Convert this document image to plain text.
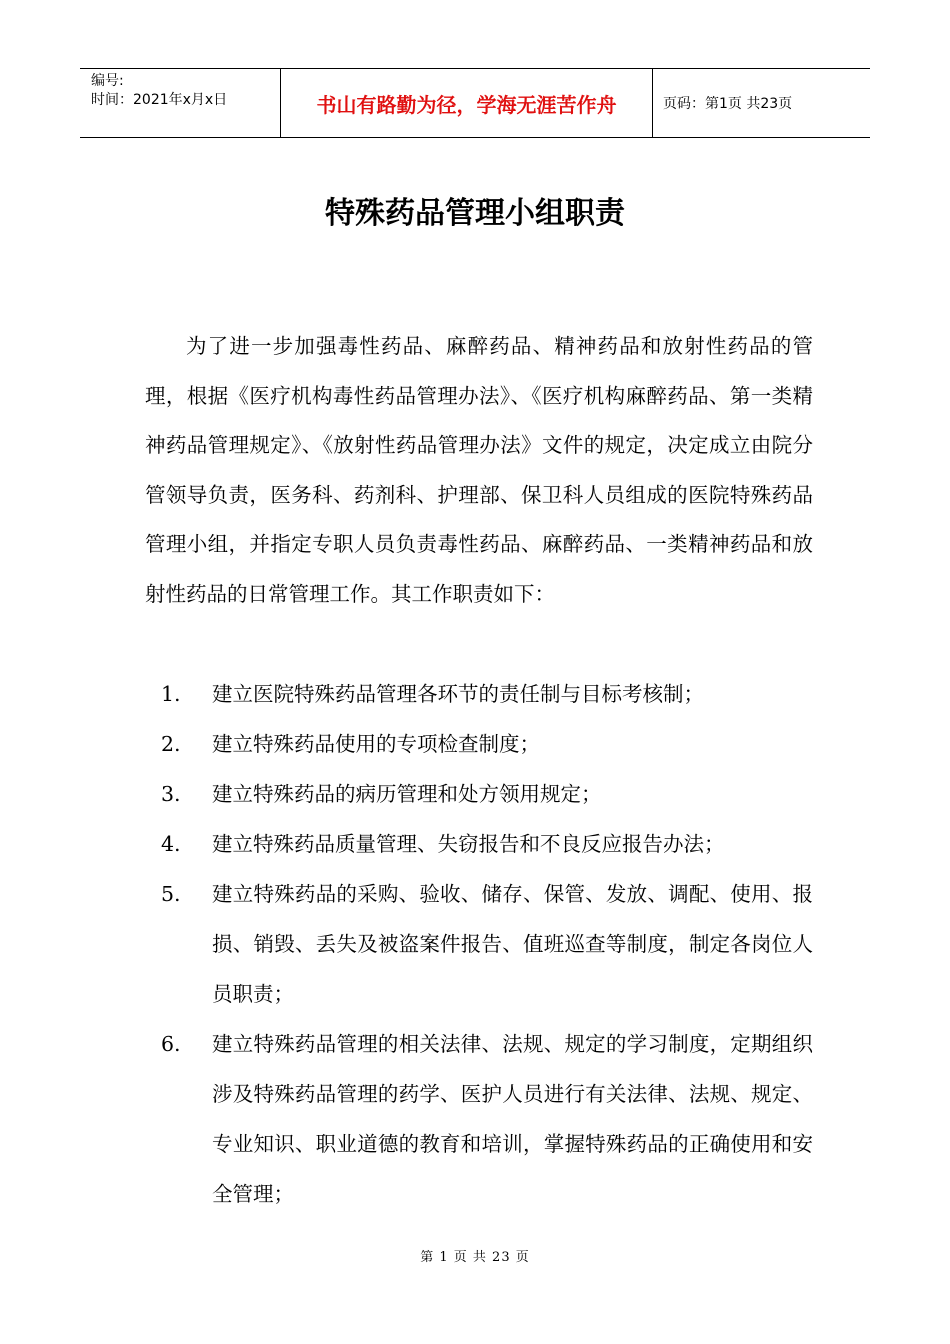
编号:
时间：2021年x月x日	书山有路勤为径，学海无涯苦作舟	页码：第1页 共23页
特殊药品管理小组职责
为了进一步加强毒性药品、麻醉药品、精神药品和放射性药品的管理，根据《医疗机构毒性药品管理办法》、《医疗机构麻醉药品、第一类精神药品管理规定》、《放射性药品管理办法》文件的规定，决定成立由院分管领导负责，医务科、药剂科、护理部、保卫科人员组成的医院特殊药品管理小组，并指定专职人员负责毒性药品、麻醉药品、一类精神药品和放射性药品的日常管理工作。其工作职责如下：
1.	建立医院特殊药品管理各环节的责任制与目标考核制；
2.	建立特殊药品使用的专项检查制度；
3.	建立特殊药品的病历管理和处方领用规定；
4.	建立特殊药品质量管理、失窃报告和不良反应报告办法；
5.	建立特殊药品的采购、验收、储存、保管、发放、调配、使用、报损、销毁、丢失及被盗案件报告、值班巡查等制度，制定各岗位人员职责；
6.	建立特殊药品管理的相关法律、法规、规定的学习制度，定期组织涉及特殊药品管理的药学、医护人员进行有关法律、法规、规定、专业知识、职业道德的教育和培训，掌握特殊药品的正确使用和安全管理；
第 1 页 共 23 页
